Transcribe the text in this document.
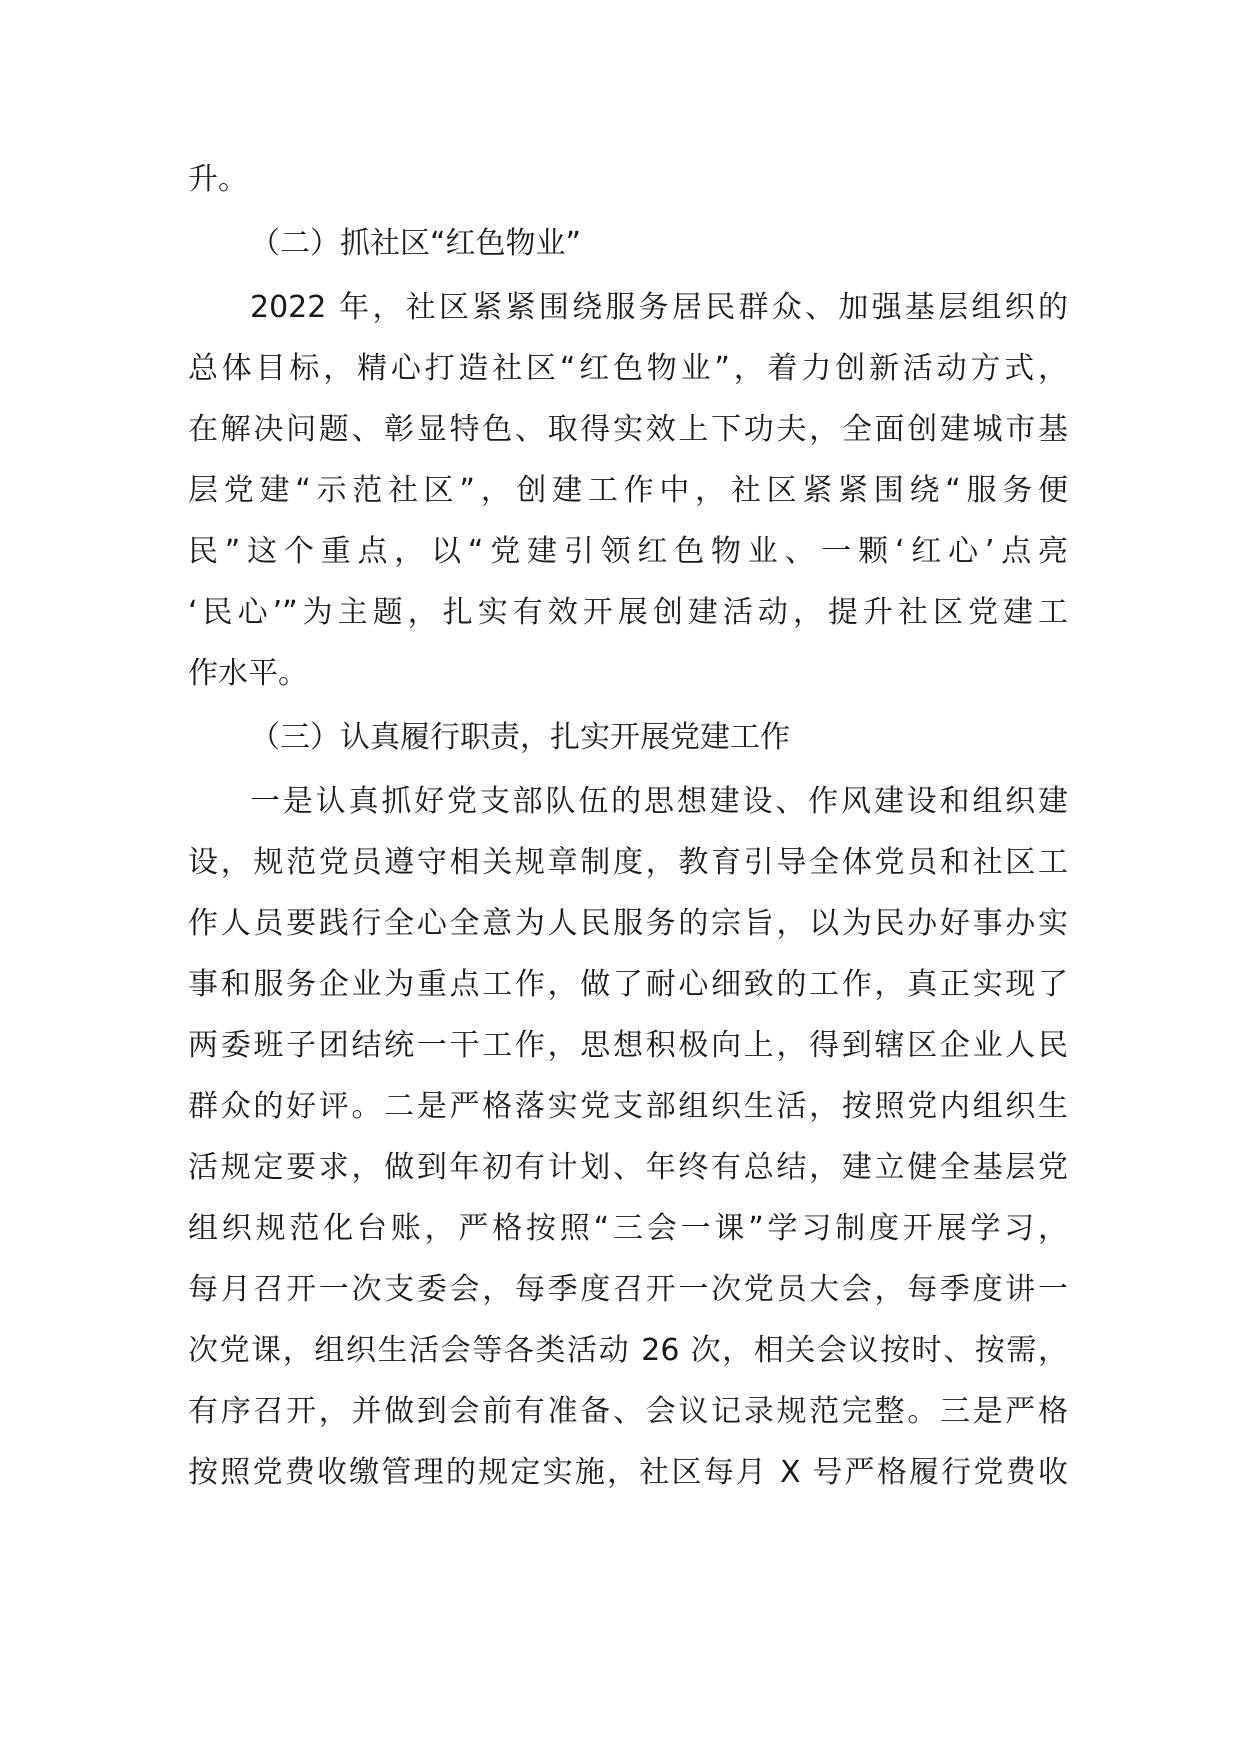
升。
（二）抓社区“红色物业”
2022 年，社区紧紧围绕服务居民群众、加强基层组织的
总体目标，精心打造社区“红色物业”，着力创新活动方式，
在解决问题、彰显特色、取得实效上下功夫，全面创建城市基
层党建“示范社区”，创建工作中，社区紧紧围绕“服务便
民”这个重点，以“党建引领红色物业、一颗‘红心’点亮
‘民心’”为主题，扎实有效开展创建活动，提升社区党建工
作水平。
（三）认真履行职责，扎实开展党建工作
一是认真抓好党支部队伍的思想建设、作风建设和组织建
设，规范党员遵守相关规章制度，教育引导全体党员和社区工
作人员要践行全心全意为人民服务的宗旨，以为民办好事办实
事和服务企业为重点工作，做了耐心细致的工作，真正实现了
两委班子团结统一干工作，思想积极向上，得到辖区企业人民
群众的好评。二是严格落实党支部组织生活，按照党内组织生
活规定要求，做到年初有计划、年终有总结，建立健全基层党
组织规范化台账，严格按照“三会一课”学习制度开展学习，
每月召开一次支委会，每季度召开一次党员大会，每季度讲一
次党课，组织生活会等各类活动 26 次，相关会议按时、按需，
有序召开，并做到会前有准备、会议记录规范完整。三是严格
按照党费收缴管理的规定实施，社区每月 X 号严格履行党费收
